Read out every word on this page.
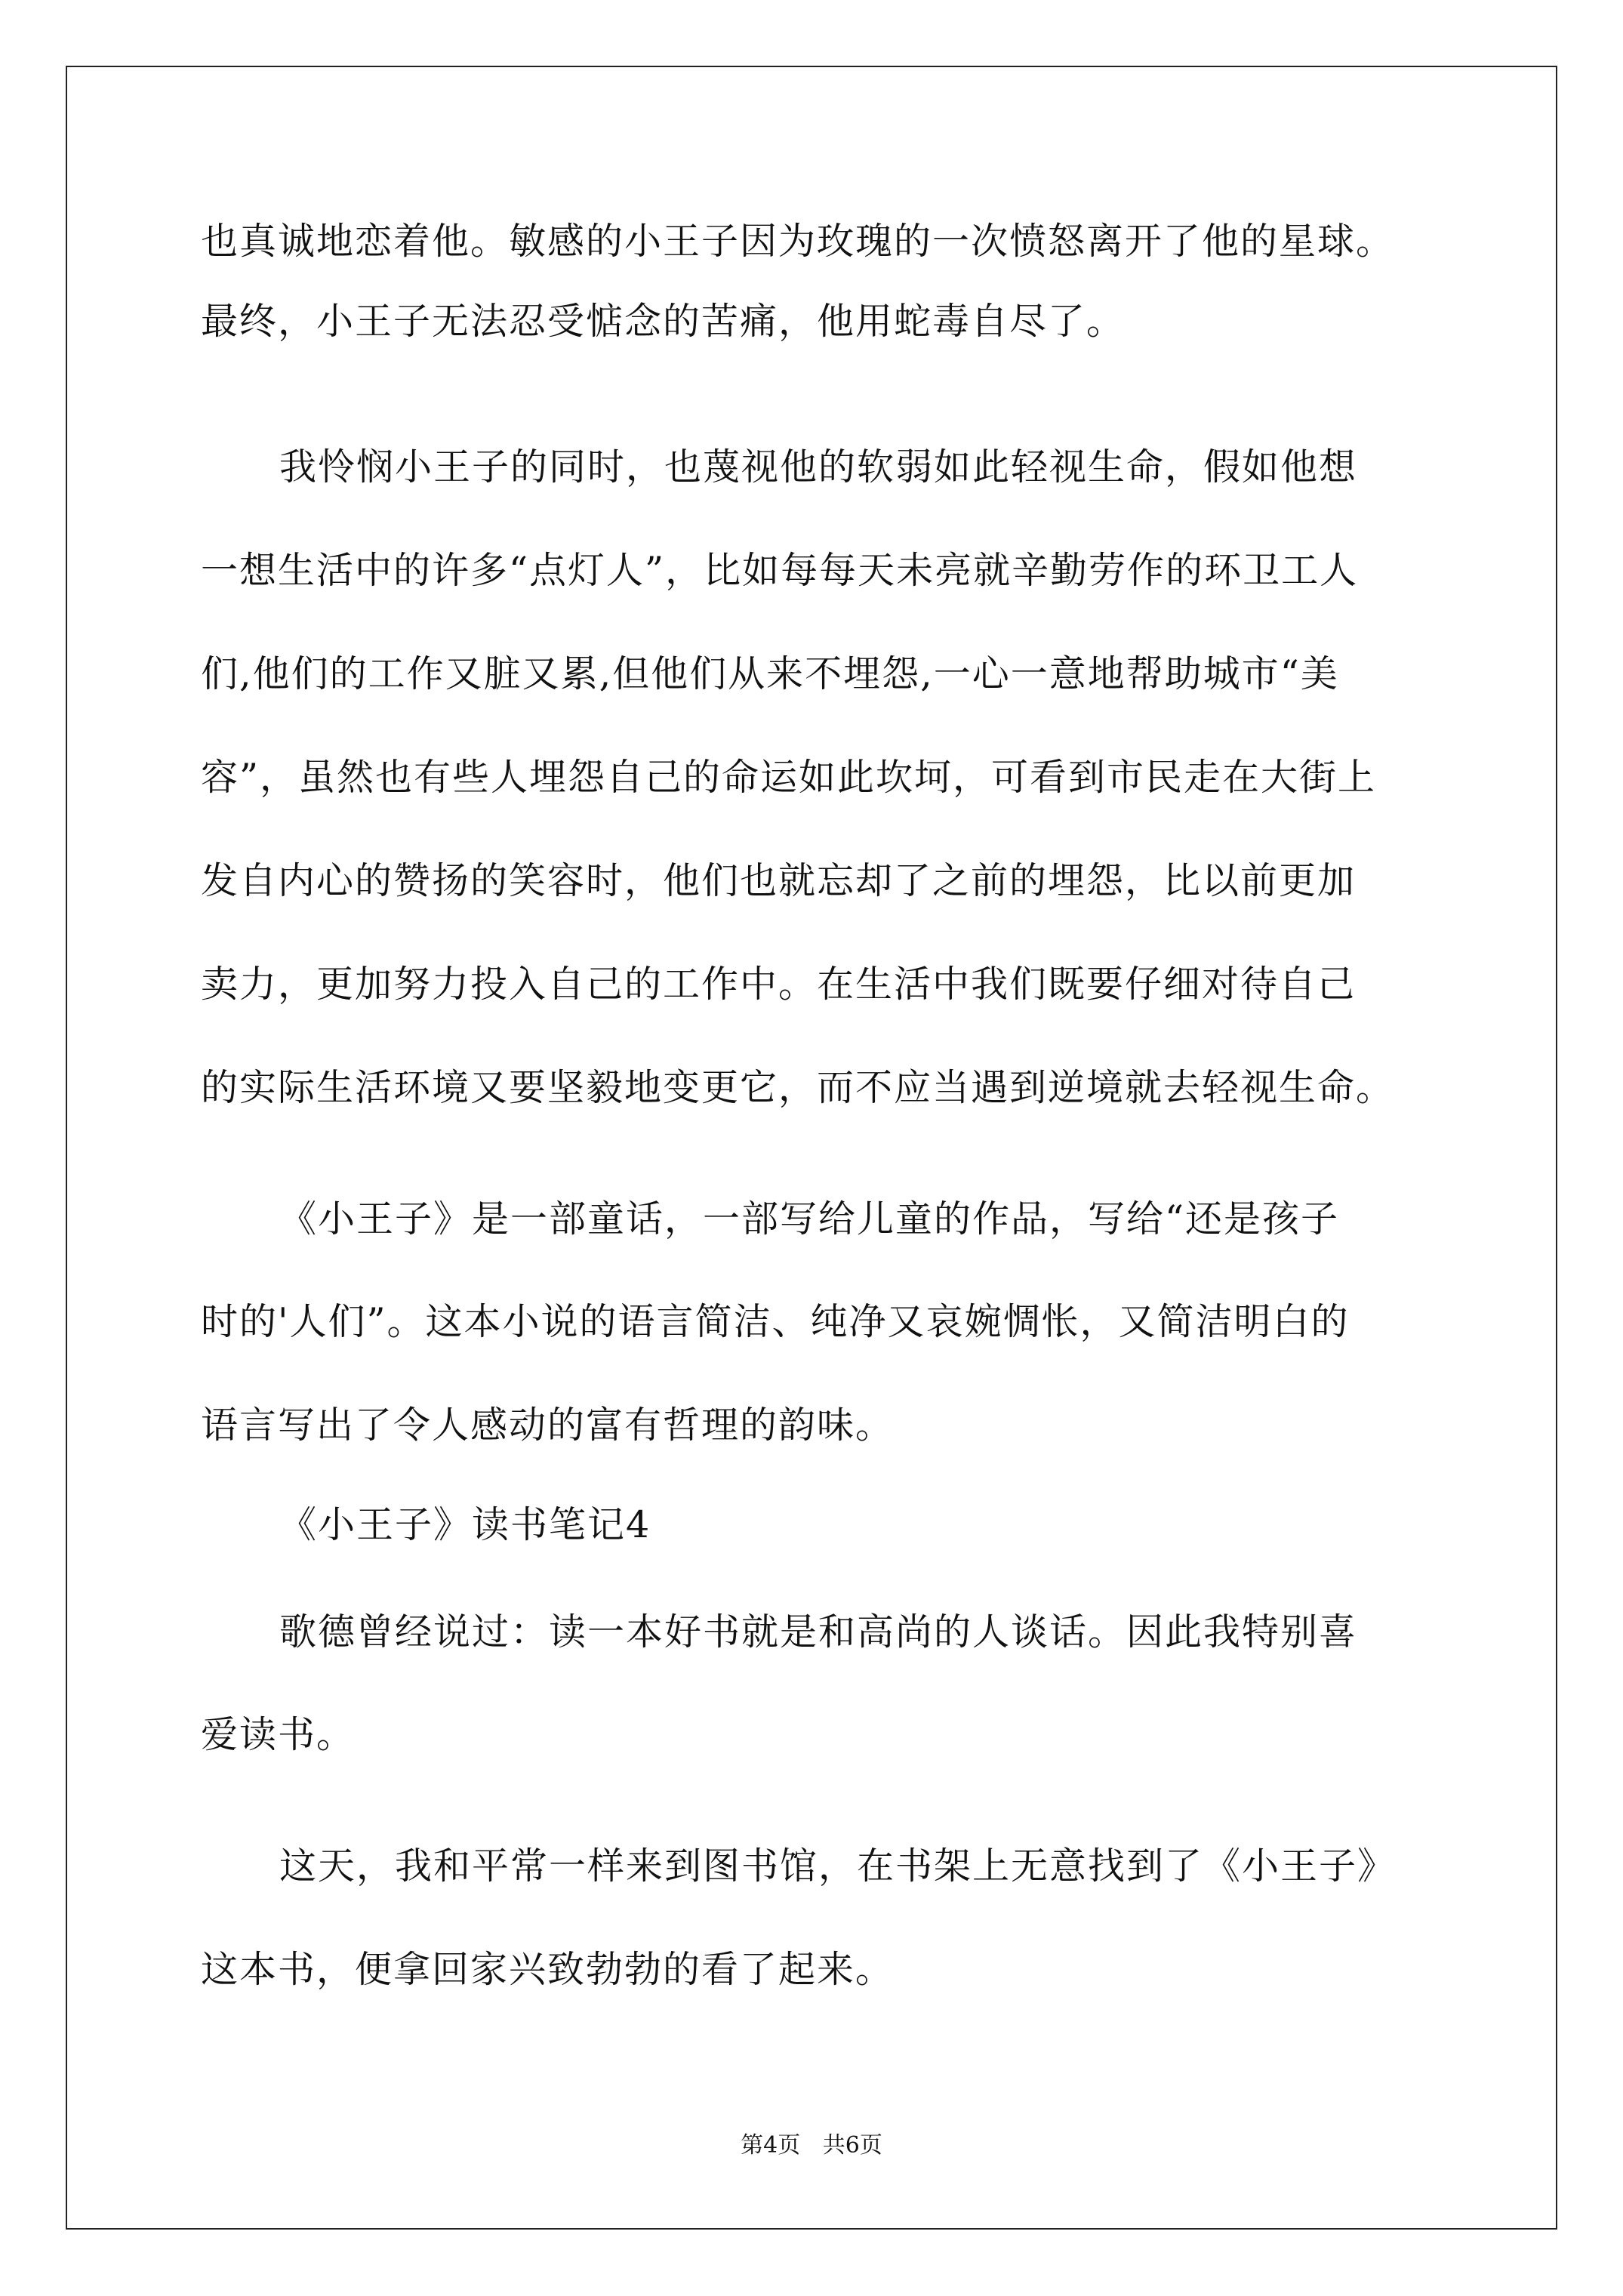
也真诚地恋着他。敏感的小王子因为玫瑰的一次愤怒离开了他的星球。
最终，小王子无法忍受惦念的苦痛，他用蛇毒自尽了。
我怜悯小王子的同时，也蔑视他的软弱如此轻视生命，假如他想
一想生活中的许多“点灯人”，比如每每天未亮就辛勤劳作的环卫工人
们,他们的工作又脏又累,但他们从来不埋怨,一心一意地帮助城市“美
容”，虽然也有些人埋怨自己的命运如此坎坷，可看到市民走在大街上
发自内心的赞扬的笑容时，他们也就忘却了之前的埋怨，比以前更加
卖力，更加努力投入自己的工作中。在生活中我们既要仔细对待自己
的实际生活环境又要坚毅地变更它，而不应当遇到逆境就去轻视生命。
《小王子》是一部童话，一部写给儿童的作品，写给“还是孩子
时的'人们”。这本小说的语言简洁、纯净又哀婉惆怅，又简洁明白的
语言写出了令人感动的富有哲理的韵味。
《小王子》读书笔记4
歌德曾经说过：读一本好书就是和高尚的人谈话。因此我特别喜
爱读书。
这天，我和平常一样来到图书馆，在书架上无意找到了《小王子》
这本书，便拿回家兴致勃勃的看了起来。
第4页 共6页
